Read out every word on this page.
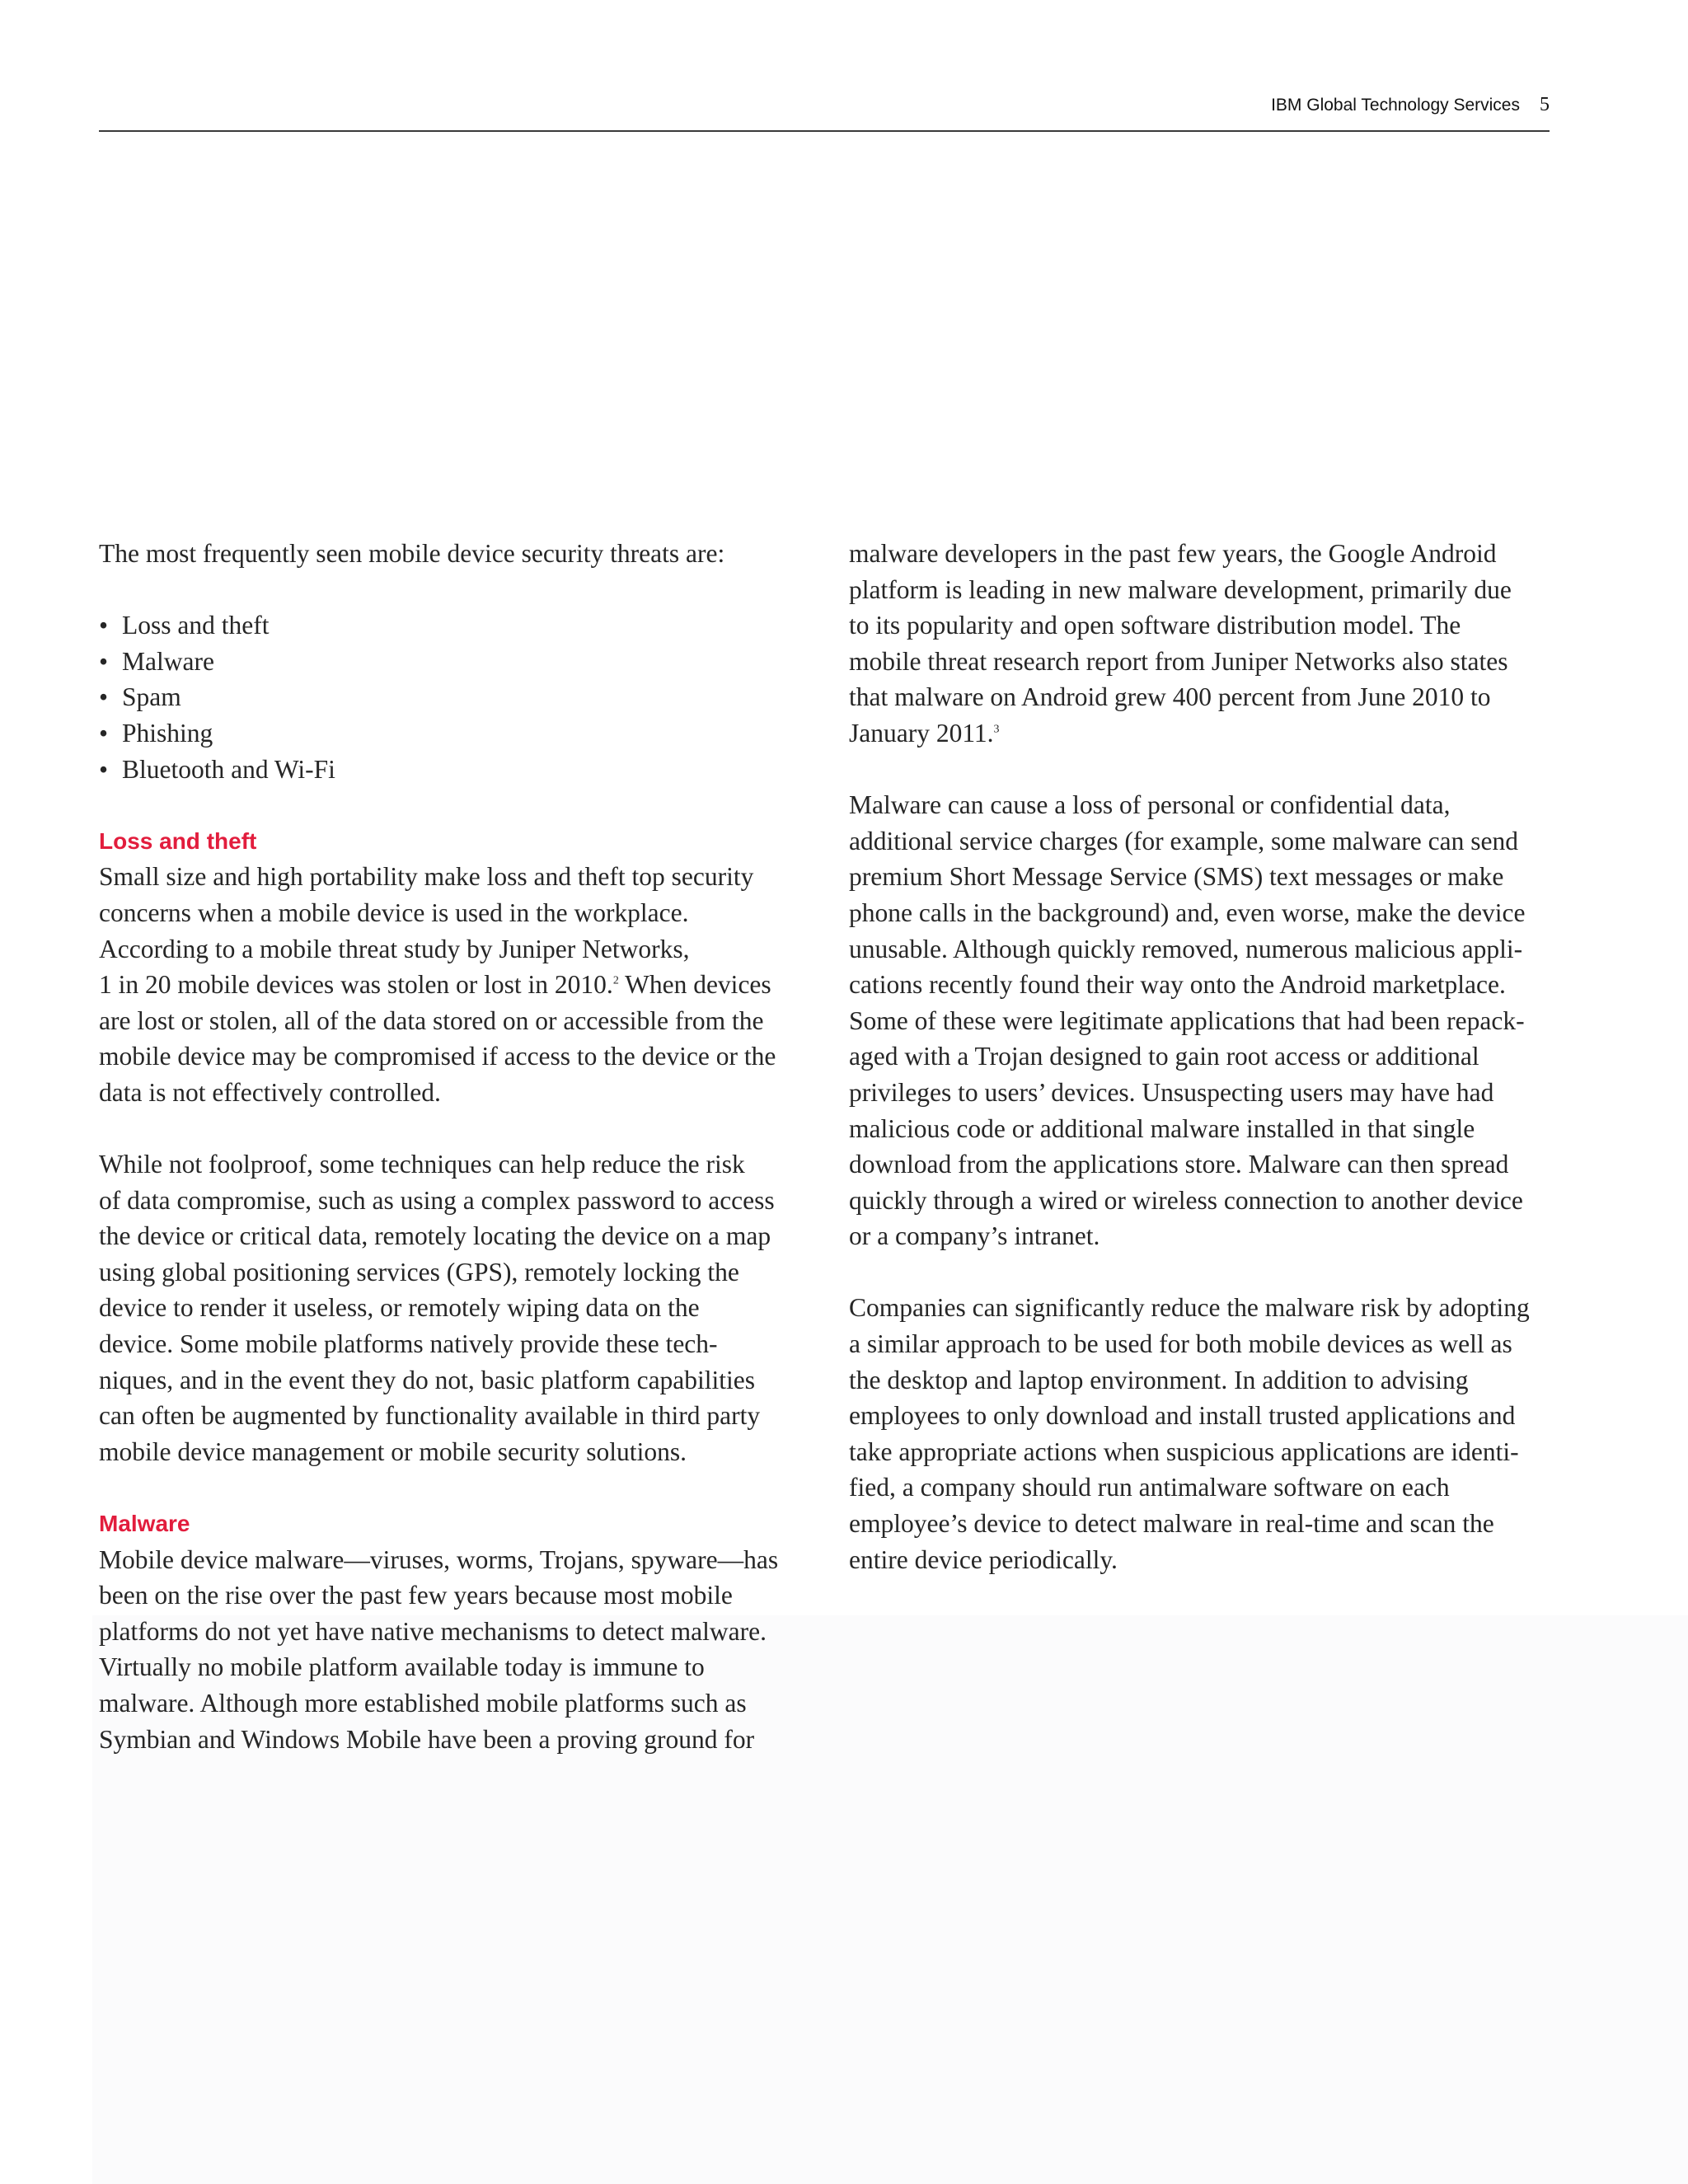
IBM Global Technology Services 5

The most frequently seen mobile device security threats are:

• Loss and theft
• Malware
• Spam
• Phishing
• Bluetooth and Wi-Fi
Loss and theft

Small size and high portability make loss and theft top security
concerns when a mobile device is used in the workplace.
According to a mobile threat study by Juniper Networks,
1 in 20 mobile devices was stolen or lost in 2010.$^2$ When devices
are lost or stolen, all of the data stored on or accessible from the
mobile device may be compromised if access to the device or the
data is not effectively controlled.

While not foolproof, some techniques can help reduce the risk
of data compromise, such as using a complex password to access
the device or critical data, remotely locating the device on a map
using global positioning services (GPS), remotely locking the
device to render it useless, or remotely wiping data on the
device. Some mobile platforms natively provide these tech-
niques, and in the event they do not, basic platform capabilities
can often be augmented by functionality available in third party
mobile device management or mobile security solutions.

Malware

Mobile device malware—viruses, worms, Trojans, spyware—has
been on the rise over the past few years because most mobile
platforms do not yet have native mechanisms to detect malware.
Virtually no mobile platform available today is immune to
malware. Although more established mobile platforms such as
Symbian and Windows Mobile have been a proving ground for

malware developers in the past few years, the Google Android
platform is leading in new malware development, primarily due
to its popularity and open software distribution model. The
mobile threat research report from Juniper Networks also states
that malware on Android grew 400 percent from June 2010 to
January 2011.$^3$

Malware can cause a loss of personal or confidential data,
additional service charges (for example, some malware can send
premium Short Message Service (SMS) text messages or make
phone calls in the background) and, even worse, make the device
unusable. Although quickly removed, numerous malicious appli-
cations recently found their way onto the Android marketplace.
Some of these were legitimate applications that had been repack-
aged with a Trojan designed to gain root access or additional
privileges to users’ devices. Unsuspecting users may have had
malicious code or additional malware installed in that single
download from the applications store. Malware can then spread
quickly through a wired or wireless connection to another device
or a company’s intranet.

Companies can significantly reduce the malware risk by adopting
a similar approach to be used for both mobile devices as well as
the desktop and laptop environment. In addition to advising
employees to only download and install trusted applications and
take appropriate actions when suspicious applications are identi-
fied, a company should run antimalware software on each
employee’s device to detect malware in real-time and scan the
entire device periodically.
